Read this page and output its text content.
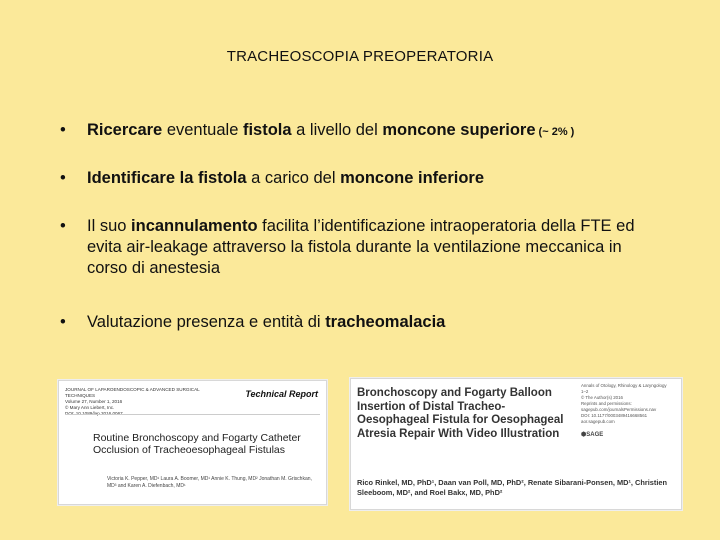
TRACHEOSCOPIA PREOPERATORIA
• Ricercare eventuale fistola a livello del moncone superiore (~ 2% )
• Identificare la fistola a carico del moncone inferiore
• Il suo incannulamento facilita l’identificazione intraoperatoria della FTE ed evita air-leakage attraverso la fistola durante la ventilazione meccanica in corso di anestesia
• Valutazione presenza e entità di tracheomalacia
JOURNAL OF LAPAROENDOSCOPIC & ADVANCED SURGICAL TECHNIQUES
Volume 27, Number 1, 2016
© Mary Ann Liebert, Inc.
Technical Report
Routine Bronchoscopy and Fogarty Catheter Occlusion of Tracheoesophageal Fistulas
Victoria K. Pepper, MD¹ Laura A. Boomer, MD¹ Annie K. Thung, MD² Jonathan M. Grischkan, MD³ and Karen A. Diefenbach, MD¹
Bronchoscopy and Fogarty Balloon Insertion of Distal Tracheo-Oesophageal Fistula for Oesophageal Atresia Repair With Video Illustration
Annals of Otology, Rhinology & Laryngology
1–2
© The Author(s) 2016
Reprints and permissions:
sagepub.com/journalsPermissions.nav
DOI: 10.1177/0003489416668561
aor.sagepub.com
⬢SAGE
Rico Rinkel, MD, PhD¹, Daan van Poll, MD, PhD², Renate Sibarani-Ponsen, MD¹, Christien Sleeboom, MD², and Roel Bakx, MD, PhD²
